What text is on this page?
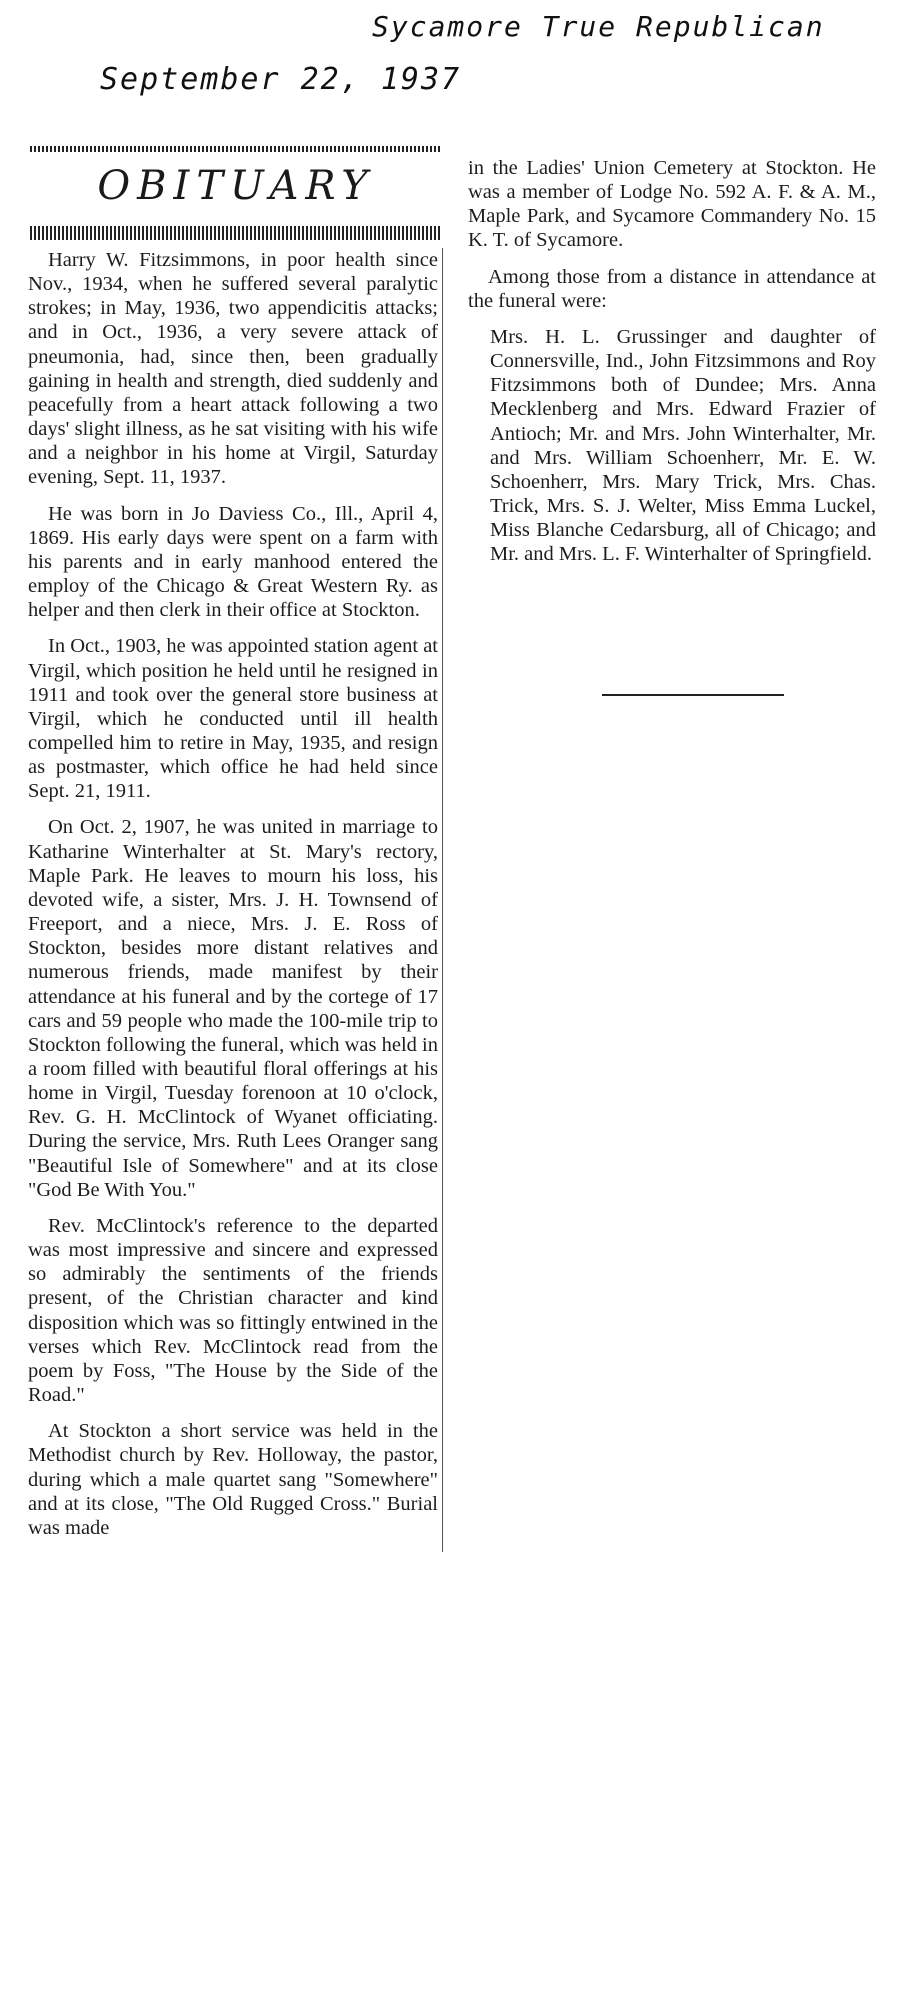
Sycamore True Republican
September 22, 1937
OBITUARY

Harry W. Fitzsimmons, in poor health since Nov., 1934, when he suffered several paralytic strokes; in May, 1936, two appendicitis attacks; and in Oct., 1936, a very severe attack of pneumonia, had, since then, been gradually gaining in health and strength, died suddenly and peacefully from a heart attack following a two days' slight illness, as he sat visiting with his wife and a neighbor in his home at Virgil, Saturday evening, Sept. 11, 1937.

He was born in Jo Daviess Co., Ill., April 4, 1869. His early days were spent on a farm with his parents and in early manhood entered the employ of the Chicago & Great Western Ry. as helper and then clerk in their office at Stockton.

In Oct., 1903, he was appointed station agent at Virgil, which position he held until he resigned in 1911 and took over the general store business at Virgil, which he conducted until ill health compelled him to retire in May, 1935, and resign as postmaster, which office he had held since Sept. 21, 1911.

On Oct. 2, 1907, he was united in marriage to Katharine Winterhalter at St. Mary's rectory, Maple Park. He leaves to mourn his loss, his devoted wife, a sister, Mrs. J. H. Townsend of Freeport, and a niece, Mrs. J. E. Ross of Stockton, besides more distant relatives and numerous friends, made manifest by their attendance at his funeral and by the cortege of 17 cars and 59 people who made the 100-mile trip to Stockton following the funeral, which was held in a room filled with beautiful floral offerings at his home in Virgil, Tuesday forenoon at 10 o'clock, Rev. G. H. McClintock of Wyanet officiating. During the service, Mrs. Ruth Lees Oranger sang "Beautiful Isle of Somewhere" and at its close "God Be With You."

Rev. McClintock's reference to the departed was most impressive and sincere and expressed so admirably the sentiments of the friends present, of the Christian character and kind disposition which was so fittingly entwined in the verses which Rev. McClintock read from the poem by Foss, "The House by the Side of the Road."

At Stockton a short service was held in the Methodist church by Rev. Holloway, the pastor, during which a male quartet sang "Somewhere" and at its close, "The Old Rugged Cross." Burial was made

in the Ladies' Union Cemetery at Stockton. He was a member of Lodge No. 592 A. F. & A. M., Maple Park, and Sycamore Commandery No. 15 K. T. of Sycamore.

Among those from a distance in attendance at the funeral were:

Mrs. H. L. Grussinger and daughter of Connersville, Ind., John Fitzsimmons and Roy Fitzsimmons both of Dundee; Mrs. Anna Mecklenberg and Mrs. Edward Frazier of Antioch; Mr. and Mrs. John Winterhalter, Mr. and Mrs. William Schoenherr, Mr. E. W. Schoenherr, Mrs. Mary Trick, Mrs. Chas. Trick, Mrs. S. J. Welter, Miss Emma Luckel, Miss Blanche Cedarsburg, all of Chicago; and Mr. and Mrs. L. F. Winterhalter of Springfield.
